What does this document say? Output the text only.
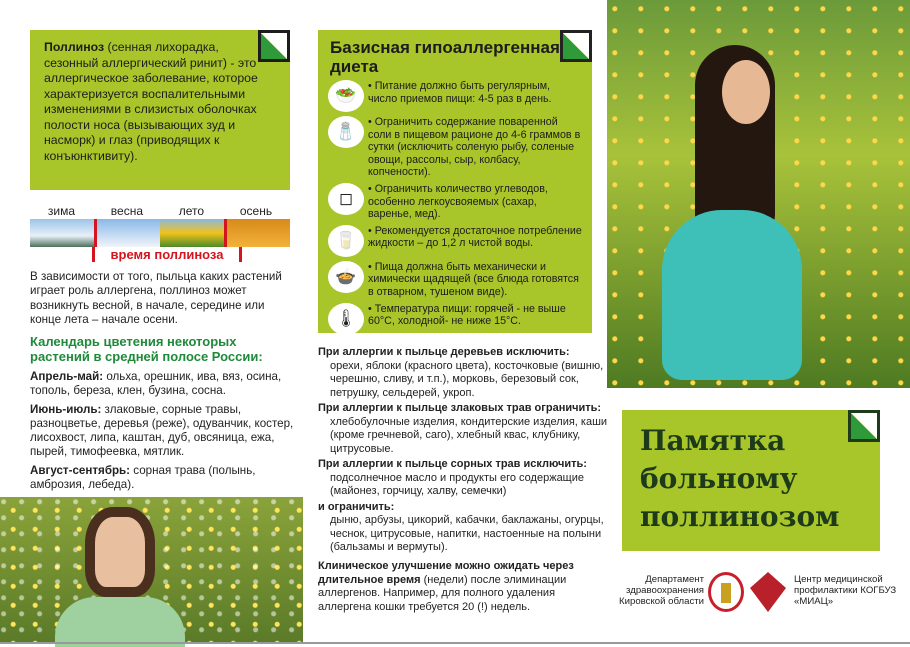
Поллиноз (сенная лихорадка, сезонный аллергический ринит) - это аллергическое заболевание, которое характеризуется воспалительными изменениями в слизистых оболочках полости носа (вызывающих зуд и насморк) и глаз (приводящих к конъюнктивиту).

зима	весна	лето	осень
время поллиноза

В зависимости от того, пыльца каких растений играет роль аллергена, поллиноз может возникнуть весной, в начале, середине или конце лета – начале осени.

Календарь цветения некоторых растений в средней полосе России:

Апрель-май: ольха, орешник, ива, вяз, осина, тополь, береза, клен, бузина, сосна.

Июнь-июль: злаковые, сорные травы, разноцветье, деревья (реже), одуванчик, костер, лисохвост, липа, каштан, дуб, овсяница, ежа, пырей, тимофеевка, мятлик.

Август-сентябрь: сорная трава (полынь, амброзия, лебеда).

Базисная гипоаллергенная диета
🥗	• Питание должно быть регулярным, число приемов пищи: 4-5 раз в день.
🧂	• Ограничить содержание поваренной соли в пищевом рационе до 4-6 граммов в сутки (исключить соленую рыбу, соленые овощи, рассолы, сыр, колбасу, копчености).
◻	• Ограничить количество углеводов, особенно легкоусвояемых (сахар, варенье, мед).
🥛	• Рекомендуется достаточное потребление жидкости – до 1,2 л чистой воды.
🍲	• Пища должна быть механически и химически щадящей (все блюда готовятся в отварном, тушеном виде).
🌡	• Температура пищи: горячей - не выше 60°С, холодной- не ниже 15°С.
При аллергии к пыльце деревьев исключить:
орехи, яблоки (красного цвета), косточковые (вишню, черешню, сливу, и т.п.), морковь, березовый сок, петрушку, сельдерей, укроп.
При аллергии к пыльце злаковых трав ограничить:
хлебобулочные изделия, кондитерские изделия, каши (кроме гречневой, саго), хлебный квас, клубнику, цитрусовые.
При аллергии к пыльце сорных трав исключить:
подсолнечное масло и продукты его содержащие (майонез, горчицу, халву, семечки)
и ограничить:
дыню, арбузы, цикорий, кабачки, баклажаны, огурцы, чеснок, цитрусовые, напитки, настоенные на полыни (бальзамы и вермуты).

Клиническое улучшение можно ожидать через длительное время (недели) после элиминации аллергенов. Например, для полного удаления аллергена кошки требуется 20 (!) недель.

Памятка
больному
поллинозом
Департамент здравоохранения Кировской области
Центр медицинской профилактики КОГБУЗ «МИАЦ»
